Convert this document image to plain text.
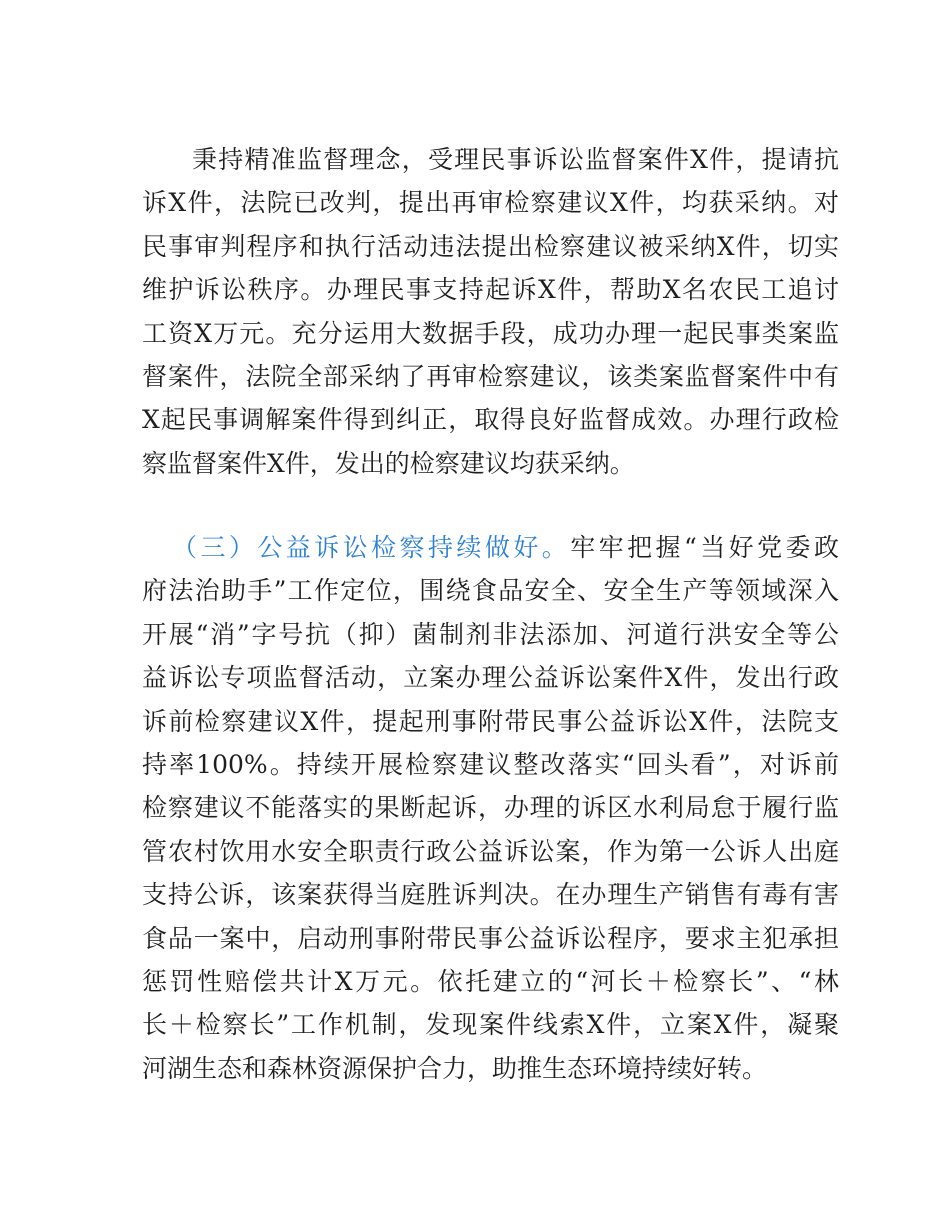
秉持精准监督理念，受理民事诉讼监督案件X件，提请抗
诉X件，法院已改判，提出再审检察建议X件，均获采纳。对
民事审判程序和执行活动违法提出检察建议被采纳X件，切实
维护诉讼秩序。办理民事支持起诉X件，帮助X名农民工追讨
工资X万元。充分运用大数据手段，成功办理一起民事类案监
督案件，法院全部采纳了再审检察建议，该类案监督案件中有
X起民事调解案件得到纠正，取得良好监督成效。办理行政检
察监督案件X件，发出的检察建议均获采纳。
（三）公益诉讼检察持续做好。牢牢把握“当好党委政
府法治助手”工作定位，围绕食品安全、安全生产等领域深入
开展“消”字号抗（抑）菌制剂非法添加、河道行洪安全等公
益诉讼专项监督活动，立案办理公益诉讼案件X件，发出行政
诉前检察建议X件，提起刑事附带民事公益诉讼X件，法院支
持率100%。持续开展检察建议整改落实“回头看”，对诉前
检察建议不能落实的果断起诉，办理的诉区水利局怠于履行监
管农村饮用水安全职责行政公益诉讼案，作为第一公诉人出庭
支持公诉，该案获得当庭胜诉判决。在办理生产销售有毒有害
食品一案中，启动刑事附带民事公益诉讼程序，要求主犯承担
惩罚性赔偿共计X万元。依托建立的“河长＋检察长”、“林
长＋检察长”工作机制，发现案件线索X件，立案X件，凝聚
河湖生态和森林资源保护合力，助推生态环境持续好转。
